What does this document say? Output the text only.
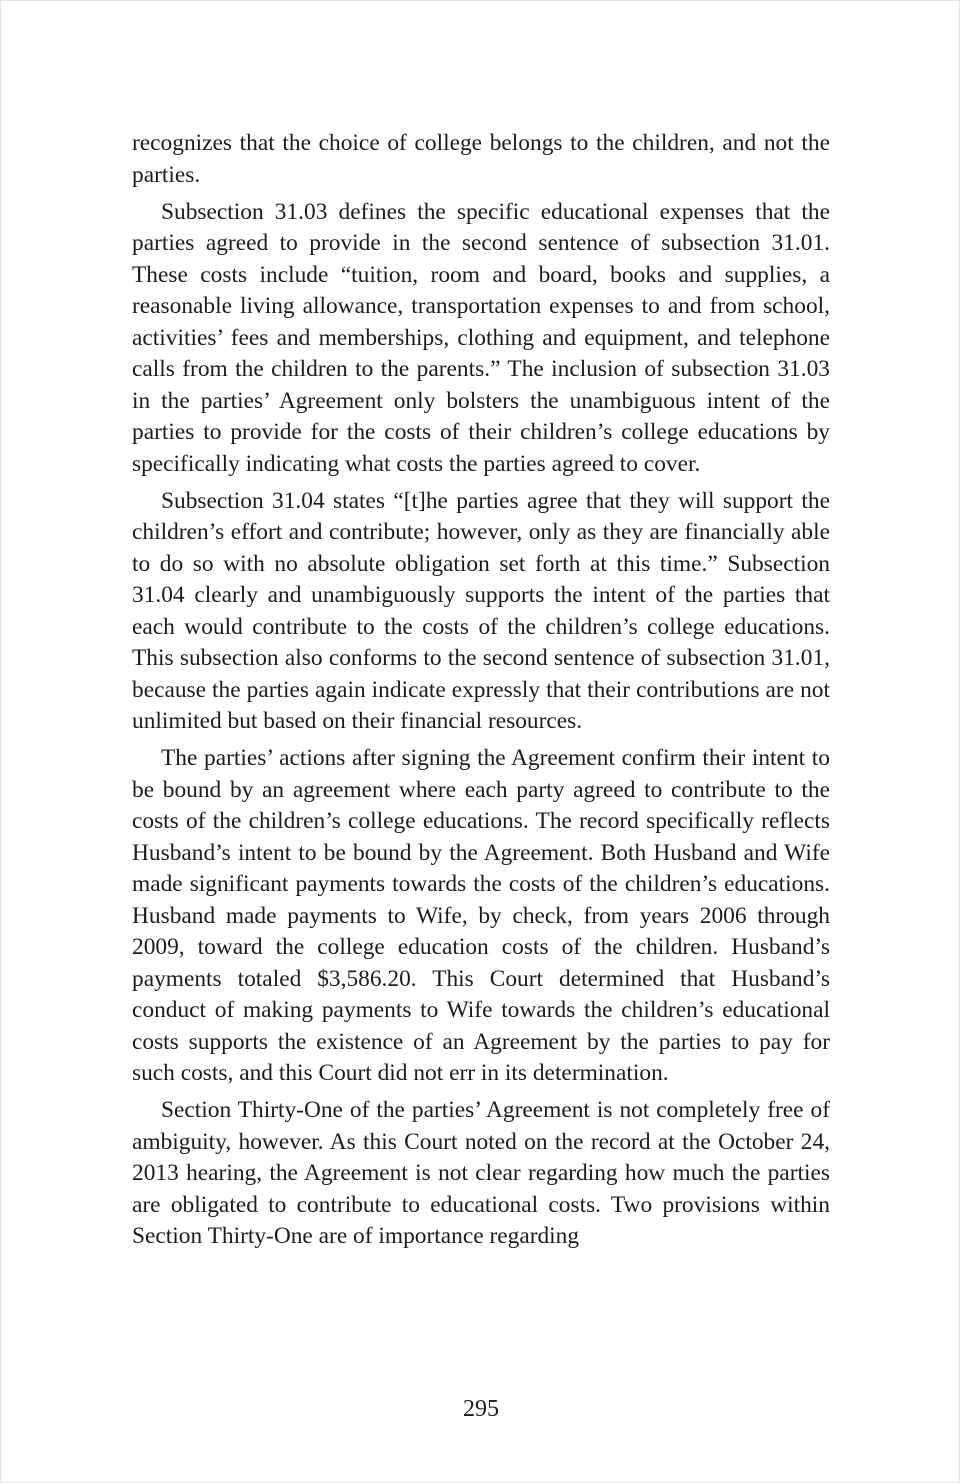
recognizes that the choice of college belongs to the children, and not the parties.

Subsection 31.03 defines the specific educational expenses that the parties agreed to provide in the second sentence of subsection 31.01. These costs include “tuition, room and board, books and supplies, a reasonable living allowance, transportation expenses to and from school, activities’ fees and memberships, clothing and equipment, and telephone calls from the children to the parents.” The inclusion of subsection 31.03 in the parties’ Agreement only bolsters the unambiguous intent of the parties to provide for the costs of their children’s college educations by specifically indicating what costs the parties agreed to cover.

Subsection 31.04 states “[t]he parties agree that they will support the children’s effort and contribute; however, only as they are financially able to do so with no absolute obligation set forth at this time.” Subsection 31.04 clearly and unambiguously supports the intent of the parties that each would contribute to the costs of the children’s college educations. This subsection also conforms to the second sentence of subsection 31.01, because the parties again indicate expressly that their contributions are not unlimited but based on their financial resources.

The parties’ actions after signing the Agreement confirm their intent to be bound by an agreement where each party agreed to contribute to the costs of the children’s college educations. The record specifically reflects Husband’s intent to be bound by the Agreement. Both Husband and Wife made significant payments towards the costs of the children’s educations. Husband made payments to Wife, by check, from years 2006 through 2009, toward the college education costs of the children. Husband’s payments totaled $3,586.20. This Court determined that Husband’s conduct of making payments to Wife towards the children’s educational costs supports the existence of an Agreement by the parties to pay for such costs, and this Court did not err in its determination.

Section Thirty-One of the parties’ Agreement is not completely free of ambiguity, however. As this Court noted on the record at the October 24, 2013 hearing, the Agreement is not clear regarding how much the parties are obligated to contribute to educational costs. Two provisions within Section Thirty-One are of importance regarding

295
